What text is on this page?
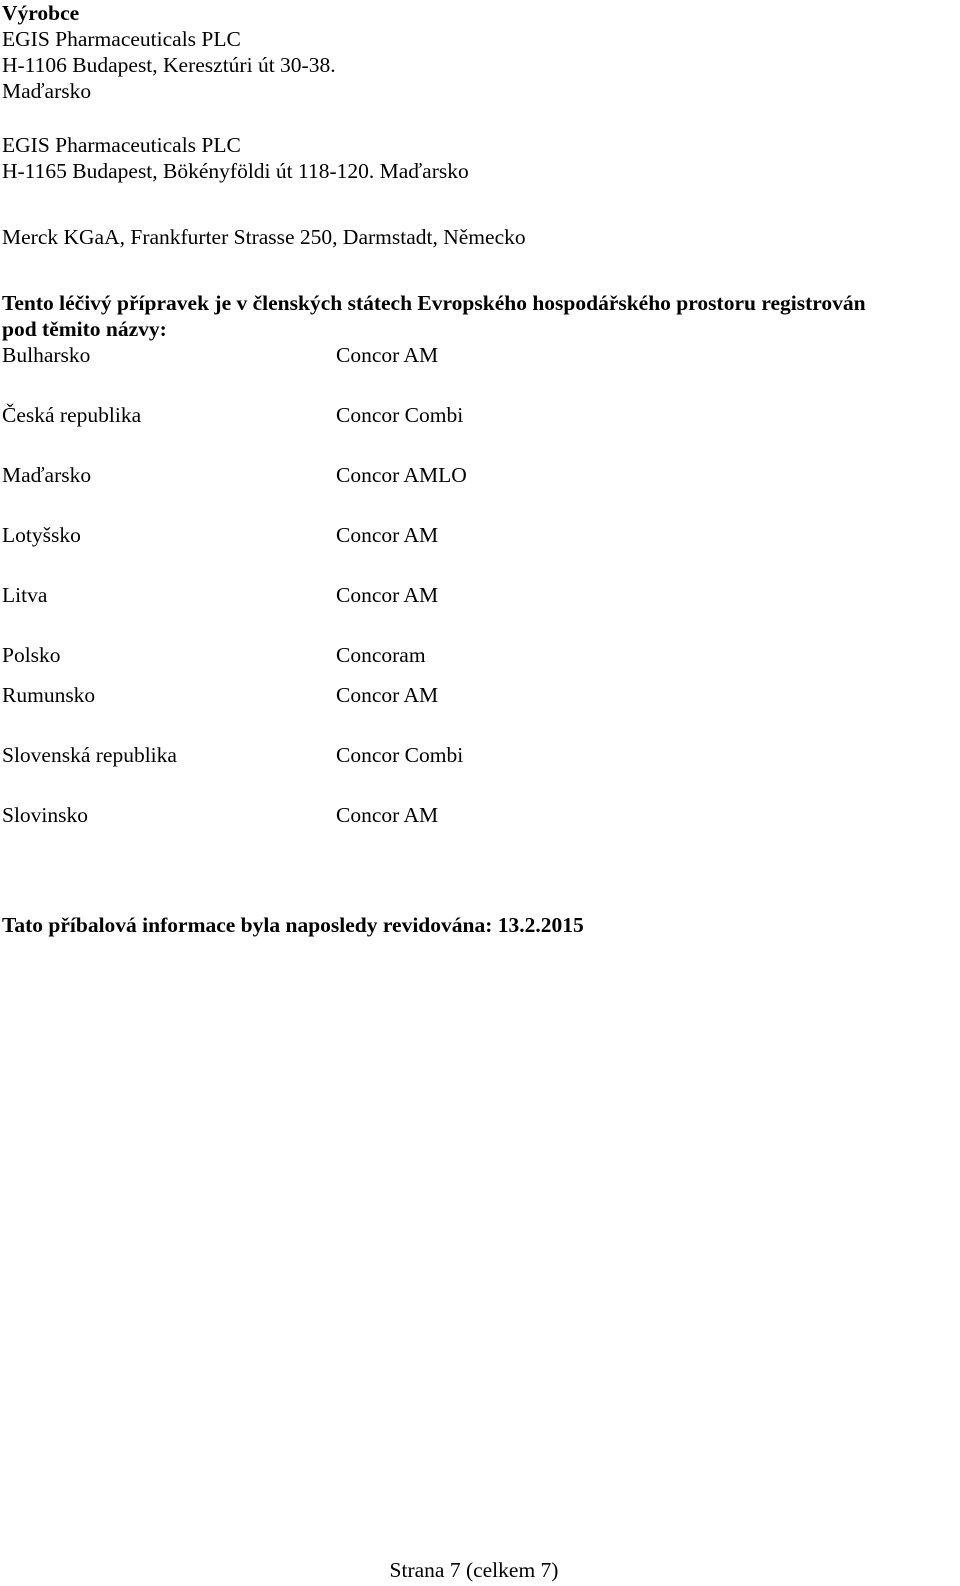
Výrobce
EGIS Pharmaceuticals PLC
H-1106 Budapest, Keresztúri út 30-38.
Maďarsko
EGIS Pharmaceuticals PLC
H-1165 Budapest, Bökényföldi út 118-120. Maďarsko
Merck KGaA, Frankfurter Strasse 250, Darmstadt, Německo
Tento léčivý přípravek je v členských státech Evropského hospodářského prostoru registrován
pod těmito názvy:
Bulharsko	Concor AM
Česká republika	Concor Combi
Maďarsko	Concor AMLO
Lotyšsko	Concor AM
Litva	Concor AM
Polsko	Concoram
Rumunsko	Concor AM
Slovenská republika	Concor Combi
Slovinsko	Concor AM
Tato příbalová informace byla naposledy revidována: 13.2.2015
Strana 7 (celkem 7)
